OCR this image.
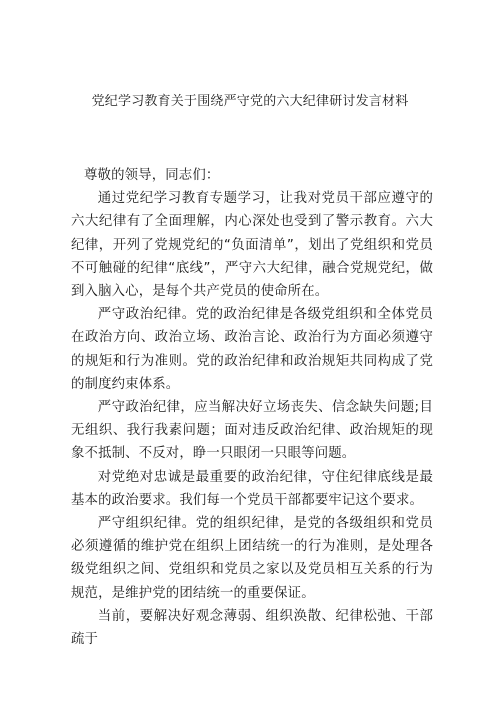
党纪学习教育关于围绕严守党的六大纪律研讨发言材料

尊敬的领导，同志们：

通过党纪学习教育专题学习，让我对党员干部应遵守的六大纪律有了全面理解，内心深处也受到了警示教育。六大纪律，开列了党规党纪的“负面清单”，划出了党组织和党员不可触碰的纪律“底线”，严守六大纪律，融合党规党纪，做到入脑入心，是每个共产党员的使命所在。

严守政治纪律。党的政治纪律是各级党组织和全体党员在政治方向、政治立场、政治言论、政治行为方面必须遵守的规矩和行为准则。党的政治纪律和政治规矩共同构成了党的制度约束体系。

严守政治纪律，应当解决好立场丧失、信念缺失问题;目无组织、我行我素问题；面对违反政治纪律、政治规矩的现象不抵制、不反对，睁一只眼闭一只眼等问题。

对党绝对忠诚是最重要的政治纪律，守住纪律底线是最基本的政治要求。我们每一个党员干部都要牢记这个要求。

严守组织纪律。党的组织纪律，是党的各级组织和党员必须遵循的维护党在组织上团结统一的行为准则，是处理各级党组织之间、党组织和党员之家以及党员相互关系的行为规范，是维护党的团结统一的重要保证。

当前，要解决好观念薄弱、组织涣散、纪律松弛、干部疏于
